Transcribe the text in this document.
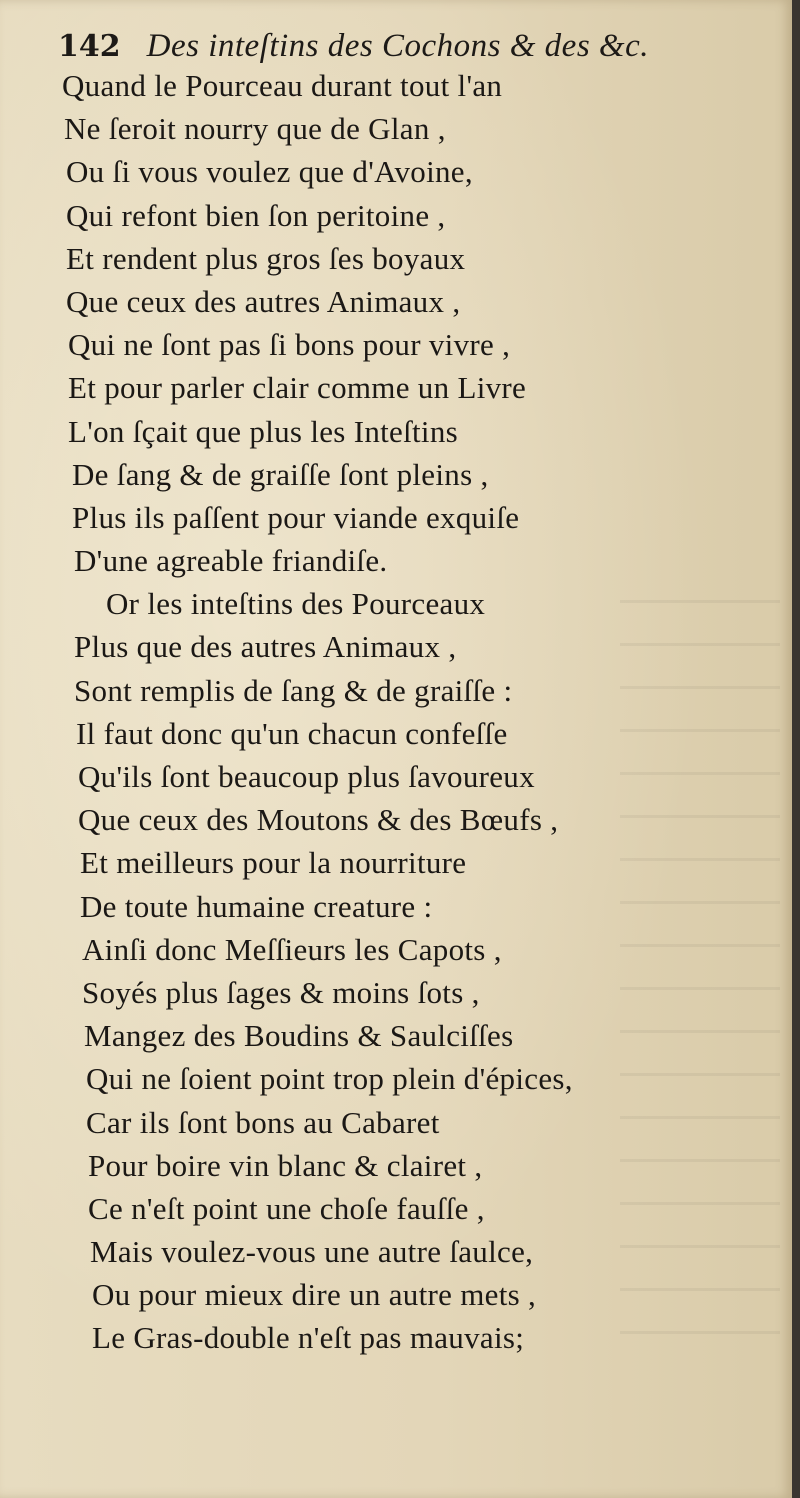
142 Des inteſtins des Cochons & des &c.
Quand le Pourceau durant tout l'an
Ne ſeroit nourry que de Glan ,
Ou ſi vous voulez que d'Avoine,
Qui refont bien ſon peritoine ,
Et rendent plus gros ſes boyaux
Que ceux des autres Animaux ,
Qui ne ſont pas ſi bons pour vivre ,
Et pour parler clair comme un Livre
L'on ſçait que plus les Inteſtins
De ſang & de graiſſe ſont pleins ,
Plus ils paſſent pour viande exquiſe
D'une agreable friandiſe.
Or les inteſtins des Pourceaux
Plus que des autres Animaux ,
Sont remplis de ſang & de graiſſe :
Il faut donc qu'un chacun confeſſe
Qu'ils ſont beaucoup plus ſavoureux
Que ceux des Moutons & des Bœufs ,
Et meilleurs pour la nourriture
De toute humaine creature :
Ainſi donc Meſſieurs les Capots ,
Soyés plus ſages & moins ſots ,
Mangez des Boudins & Saulciſſes
Qui ne ſoient point trop plein d'épices,
Car ils ſont bons au Cabaret
Pour boire vin blanc & clairet ,
Ce n'eſt point une choſe fauſſe ,
Mais voulez-vous une autre ſaulce,
Ou pour mieux dire un autre mets ,
Le Gras-double n'eſt pas mauvais;
